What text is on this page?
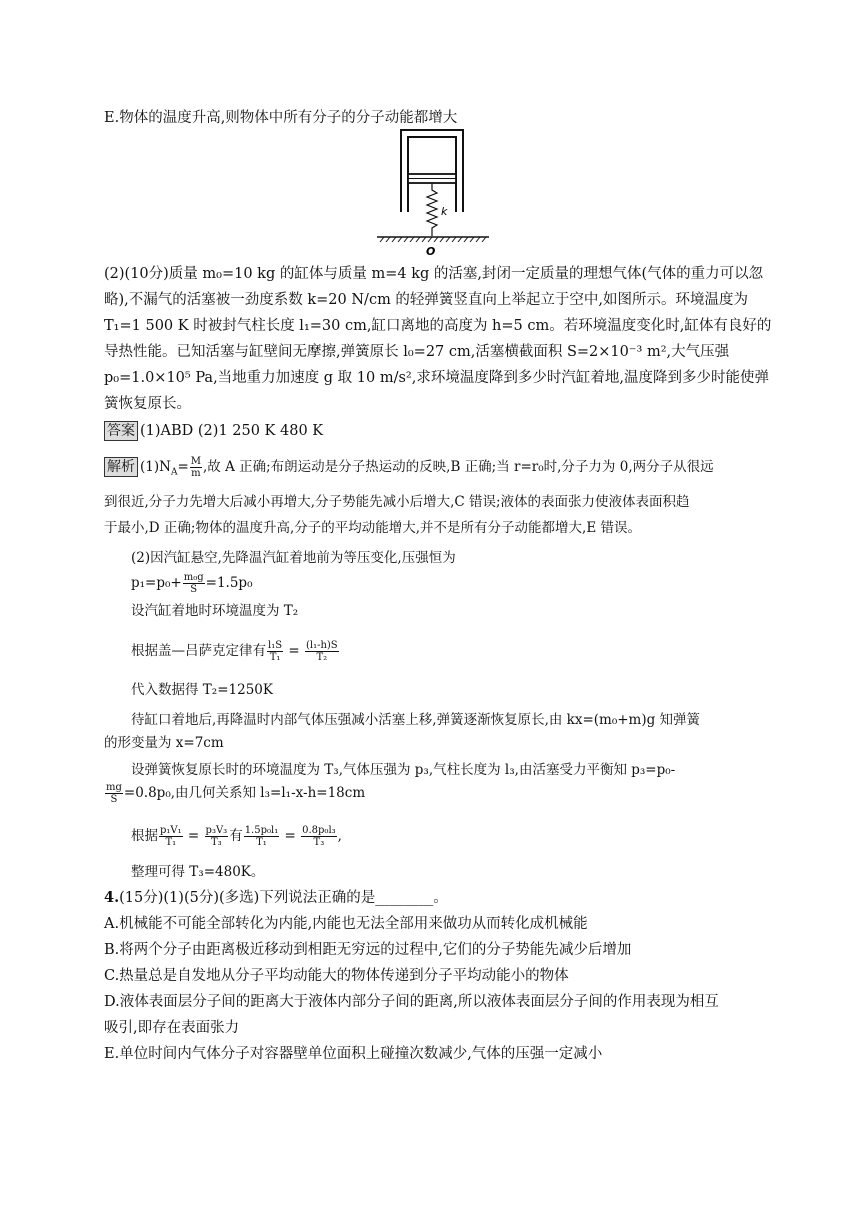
E.物体的温度升高,则物体中所有分子的分子动能都增大
k
O
(2)(10分)质量 m₀=10 kg 的缸体与质量 m=4 kg 的活塞,封闭一定质量的理想气体(气体的重力可以忽
略),不漏气的活塞被一劲度系数 k=20 N/cm 的轻弹簧竖直向上举起立于空中,如图所示。环境温度为
T₁=1 500 K 时被封气柱长度 l₁=30 cm,缸口离地的高度为 h=5 cm。若环境温度变化时,缸体有良好的
导热性能。已知活塞与缸壁间无摩擦,弹簧原长 l₀=27 cm,活塞横截面积 S=2×10⁻³ m²,大气压强
p₀=1.0×10⁵ Pa,当地重力加速度 g 取 10 m/s²,求环境温度降到多少时汽缸着地,温度降到多少时能使弹
簧恢复原长。
答案 (1)ABD (2)1 250 K 480 K
解析 $(1)N_A= \frac{M}{m}$ ,故 A 正确;布朗运动是分子热运动的反映,B 正确;当 r=r₀时,分子力为 0,两分子从很远
到很近,分子力先增大后减小再增大,分子势能先减小后增大,C 错误;液体的表面张力使液体表面积趋
于最小,D 正确;物体的温度升高,分子的平均动能增大,并不是所有分子动能都增大,E 错误。
(2)因汽缸悬空,先降温汽缸着地前为等压变化,压强恒为
$p_1=p_0+ \frac{\text{m₀g}}{S} =1.5p_0$
设汽缸着地时环境温度为 T₂
根据盖—吕萨克定律有 $\frac{\text{l₁S}}{\text{T₁}} = \frac{\text{(l₁-h)S}}{\text{T₂}}$
代入数据得 T₂=1250K
待缸口着地后,再降温时内部气体压强减小活塞上移,弹簧逐渐恢复原长,由 kx=(m₀+m)g 知弹簧
的形变量为 x=7cm
设弹簧恢复原长时的环境温度为 T₃,气体压强为 p₃,气柱长度为 l₃,由活塞受力平衡知 p₃=p₀-
$\frac{mg}{S} =0.8p_0$,由几何关系知 l₃=l₁-x-h=18cm
根据 $\frac{\text{p₁V₁}}{\text{T₁}} = \frac{\text{p₃V₃}}{\text{T₃}}$ 有 $\frac{\text{1.5p₀l₁}}{\text{T₁}} = \frac{\text{0.8p₀l₃}}{\text{T₃}}$ ,
整理可得 T₃=480K。
4.(15分)(1)(5分)(多选)下列说法正确的是________。
A.机械能不可能全部转化为内能,内能也无法全部用来做功从而转化成机械能
B.将两个分子由距离极近移动到相距无穷远的过程中,它们的分子势能先减少后增加
C.热量总是自发地从分子平均动能大的物体传递到分子平均动能小的物体
D.液体表面层分子间的距离大于液体内部分子间的距离,所以液体表面层分子间的作用表现为相互
吸引,即存在表面张力
E.单位时间内气体分子对容器壁单位面积上碰撞次数减少,气体的压强一定减小
